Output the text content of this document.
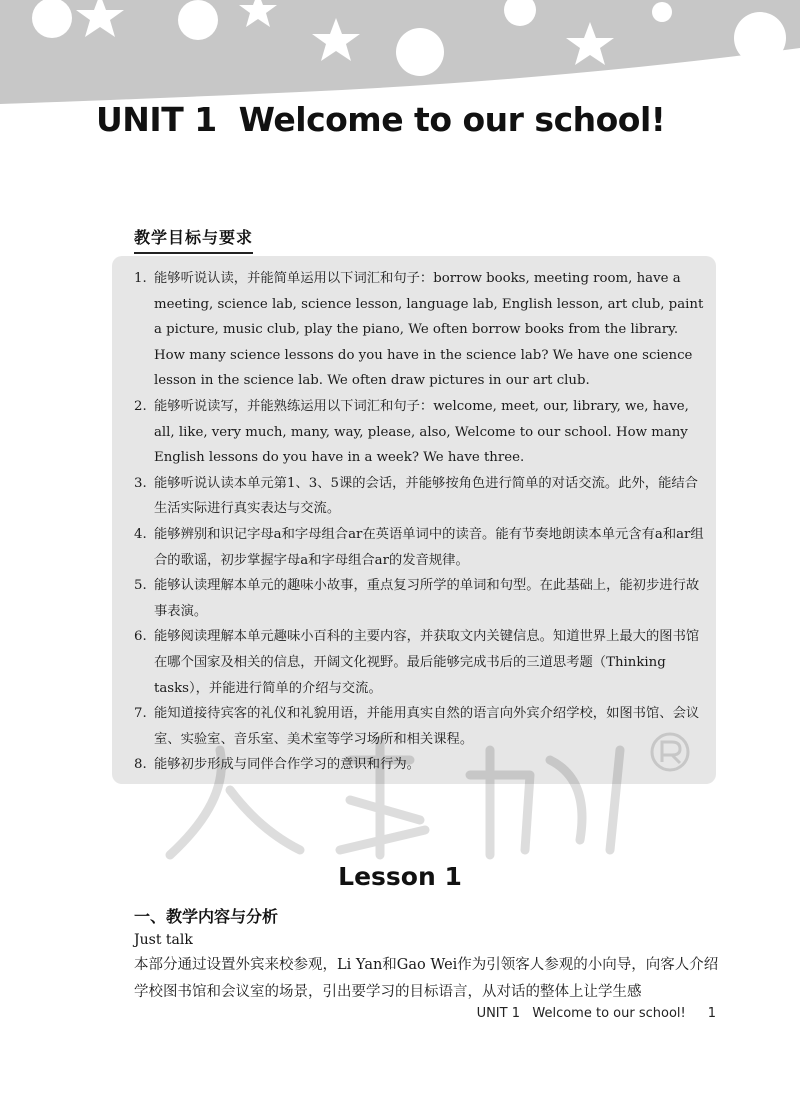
UNIT 1 Welcome to our school!
教学目标与要求
1. 能够听说认读，并能简单运用以下词汇和句子：borrow books, meeting room, have a meeting, science lab, science lesson, language lab, English lesson, art club, paint a picture, music club, play the piano, We often borrow books from the library. How many science lessons do you have in the science lab? We have one science lesson in the science lab. We often draw pictures in our art club.
2. 能够听说读写，并能熟练运用以下词汇和句子：welcome, meet, our, library, we, have, all, like, very much, many, way, please, also, Welcome to our school. How many English lessons do you have in a week? We have three.
3. 能够听说认读本单元第1、3、5课的会话，并能够按角色进行简单的对话交流。此外，能结合生活实际进行真实表达与交流。
4. 能够辨别和识记字母a和字母组合ar在英语单词中的读音。能有节奏地朗读本单元含有a和ar组合的歌谣，初步掌握字母a和字母组合ar的发音规律。
5. 能够认读理解本单元的趣味小故事，重点复习所学的单词和句型。在此基础上，能初步进行故事表演。
6. 能够阅读理解本单元趣味小百科的主要内容，并获取文内关键信息。知道世界上最大的图书馆在哪个国家及相关的信息，开阔文化视野。最后能够完成书后的三道思考题（Thinking tasks），并能进行简单的介绍与交流。
7. 能知道接待宾客的礼仪和礼貌用语，并能用真实自然的语言向外宾介绍学校，如图书馆、会议室、实验室、音乐室、美术室等学习场所和相关课程。
8. 能够初步形成与同伴合作学习的意识和行为。
Lesson 1
一、教学内容与分析

Just talk

本部分通过设置外宾来校参观，Li Yan和Gao Wei作为引领客人参观的小向导，向客人介绍学校图书馆和会议室的场景，引出要学习的目标语言，从对话的整体上让学生感

UNIT 1   Welcome to our school! 1
